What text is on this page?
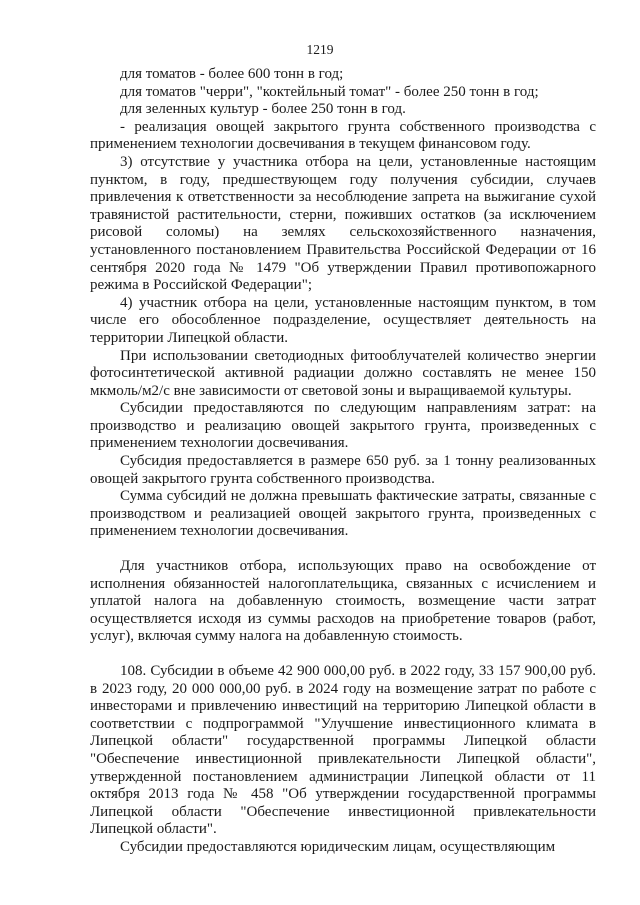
1219

для томатов - более 600 тонн в год;

для томатов "черри", "коктейльный томат" - более 250 тонн в год;

для зеленных культур - более 250 тонн в год.

- реализация овощей закрытого грунта собственного производства с применением технологии досвечивания в текущем финансовом году.

3) отсутствие у участника отбора на цели, установленные настоящим пунктом, в году, предшествующем году получения субсидии, случаев привлечения к ответственности за несоблюдение запрета на выжигание сухой травянистой растительности, стерни, поживших остатков (за исключением рисовой соломы) на землях сельскохозяйственного назначения, установленного постановлением Правительства Российской Федерации от 16 сентября 2020 года № 1479 "Об утверждении Правил противопожарного режима в Российской Федерации";

4) участник отбора на цели, установленные настоящим пунктом, в том числе его обособленное подразделение, осуществляет деятельность на территории Липецкой области.

При использовании светодиодных фитооблучателей количество энергии фотосинтетической активной радиации должно составлять не менее 150 мкмоль/м2/с вне зависимости от световой зоны и выращиваемой культуры.

Субсидии предоставляются по следующим направлениям затрат: на производство и реализацию овощей закрытого грунта, произведенных с применением технологии досвечивания.

Субсидия предоставляется в размере 650 руб. за 1 тонну реализованных овощей закрытого грунта собственного производства.

Сумма субсидий не должна превышать фактические затраты, связанные с производством и реализацией овощей закрытого грунта, произведенных с применением технологии досвечивания.

Для участников отбора, использующих право на освобождение от исполнения обязанностей налогоплательщика, связанных с исчислением и уплатой налога на добавленную стоимость, возмещение части затрат осуществляется исходя из суммы расходов на приобретение товаров (работ, услуг), включая сумму налога на добавленную стоимость.

108. Субсидии в объеме 42 900 000,00 руб. в 2022 году, 33 157 900,00 руб. в 2023 году, 20 000 000,00 руб. в 2024 году на возмещение затрат по работе с инвесторами и привлечению инвестиций на территорию Липецкой области в соответствии с подпрограммой "Улучшение инвестиционного климата в Липецкой области" государственной программы Липецкой области "Обеспечение инвестиционной привлекательности Липецкой области", утвержденной постановлением администрации Липецкой области от 11 октября 2013 года № 458 "Об утверждении государственной программы Липецкой области "Обеспечение инвестиционной привлекательности Липецкой области".

Субсидии предоставляются юридическим лицам, осуществляющим
